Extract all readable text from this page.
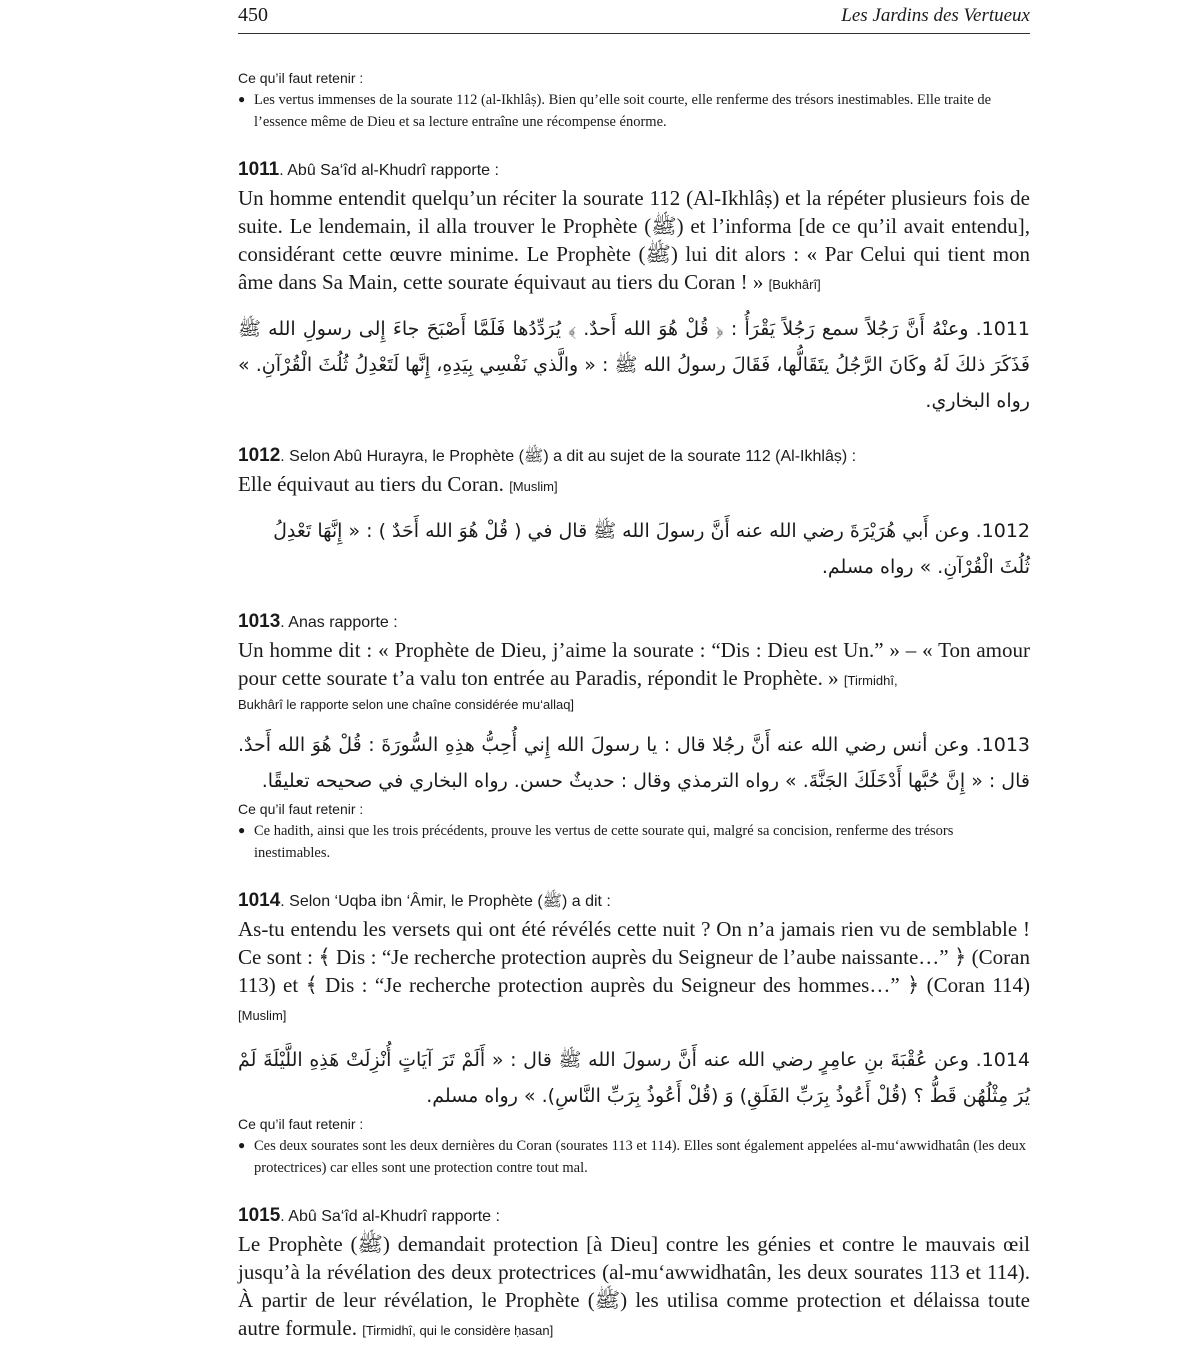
450	Les Jardins des Vertueux
Ce qu’il faut retenir :
● Les vertus immenses de la sourate 112 (al-Ikhlâṣ). Bien qu’elle soit courte, elle renferme des trésors inestimables. Elle traite de l’essence même de Dieu et sa lecture entraîne une récompense énorme.
1011. Abû Sa‘îd al-Khudrî rapporte :
Un homme entendit quelqu’un réciter la sourate 112 (Al-Ikhlâṣ) et la répéter plusieurs fois de suite. Le lendemain, il alla trouver le Prophète (ﷺ) et l’informa [de ce qu’il avait entendu], considérant cette œuvre minime. Le Prophète (ﷺ) lui dit alors : « Par Celui qui tient mon âme dans Sa Main, cette sourate équivaut au tiers du Coran ! » [Bukhârî]
1011. وعنْهُ أَنَّ رَجُلاً سمع رَجُلاً يَقْرَأُ : ﴿ قُلْ هُوَ الله أَحدٌ. ﴾ يُرَدِّدُها فَلَمَّا أَصْبَحَ جاءَ إِلى رسولِ الله ﷺ فَذَكَرَ ذلكَ لَهُ وكَانَ الرَّجُلُ يتَقَالُّها، فَقَالَ رسولُ الله ﷺ : « والَّذي نَفْسِي بِيَدِهِ، إِنَّها لَتَعْدِلُ ثُلُثَ الْقُرْآنِ. » رواه البخاري.
1012. Selon Abû Hurayra, le Prophète (ﷺ) a dit au sujet de la sourate 112 (Al-Ikhlâṣ) :
Elle équivaut au tiers du Coran. [Muslim]
1012. وعن أَبي هُرَيْرَةَ رضي الله عنه أَنَّ رسولَ الله ﷺ قال في ( قُلْ هُوَ الله أَحَدٌ ) : « إِنَّهَا تَعْدِلُ ثُلُثَ الْقُرْآنِ. » رواه مسلم.
1013. Anas rapporte :
Un homme dit : « Prophète de Dieu, j’aime la sourate : “Dis : Dieu est Un.” » – « Ton amour pour cette sourate t’a valu ton entrée au Paradis, répondit le Prophète. » [Tirmidhî,
Bukhârî le rapporte selon une chaîne considérée mu‘allaq]
1013. وعن أنس رضي الله عنه أَنَّ رجُلا قال : يا رسولَ الله إِني أُحِبُّ هذِهِ السُّورَةَ : قُلْ هُوَ الله أَحدٌ. قال : « إِنَّ حُبَّها أَدْخَلَكَ الجَنَّةَ. » رواه الترمذي وقال : حديثٌ حسن. رواه البخاري في صحيحه تعليقًا.
Ce qu’il faut retenir :
● Ce hadith, ainsi que les trois précédents, prouve les vertus de cette sourate qui, malgré sa concision, renferme des trésors inestimables.
1014. Selon ‘Uqba ibn ‘Âmir, le Prophète (ﷺ) a dit :
As-tu entendu les versets qui ont été révélés cette nuit ? On n’a jamais rien vu de semblable ! Ce sont : ﴾ Dis : “Je recherche protection auprès du Seigneur de l’aube naissante…” ﴿ (Coran 113) et ﴾ Dis : “Je recherche protection auprès du Seigneur des hommes…” ﴿ (Coran 114) [Muslim]
1014. وعن عُقْبَةَ بنِ عامِرٍ رضي الله عنه أَنَّ رسولَ الله ﷺ قال : « أَلَمْ تَرَ آيَاتٍ أُنْزِلَتْ هَذِهِ اللَّيْلَةَ لَمْ يُرَ مِثْلُهُن قَطُّ ؟ (قُلْ أَعُوذُ بِرَبِّ الفَلَقِ) وَ (قُلْ أَعُوذُ بِرَبِّ النَّاسِ). » رواه مسلم.
Ce qu’il faut retenir :
● Ces deux sourates sont les deux dernières du Coran (sourates 113 et 114). Elles sont également appelées al-mu‘awwidhatân (les deux protectrices) car elles sont une protection contre tout mal.
1015. Abû Sa‘îd al-Khudrî rapporte :
Le Prophète (ﷺ) demandait protection [à Dieu] contre les génies et contre le mauvais œil jusqu’à la révélation des deux protectrices (al-mu‘awwidhatân, les deux sourates 113 et 114). À partir de leur révélation, le Prophète (ﷺ) les utilisa comme protection et délaissa toute autre formule. [Tirmidhî, qui le considère ḥasan]
